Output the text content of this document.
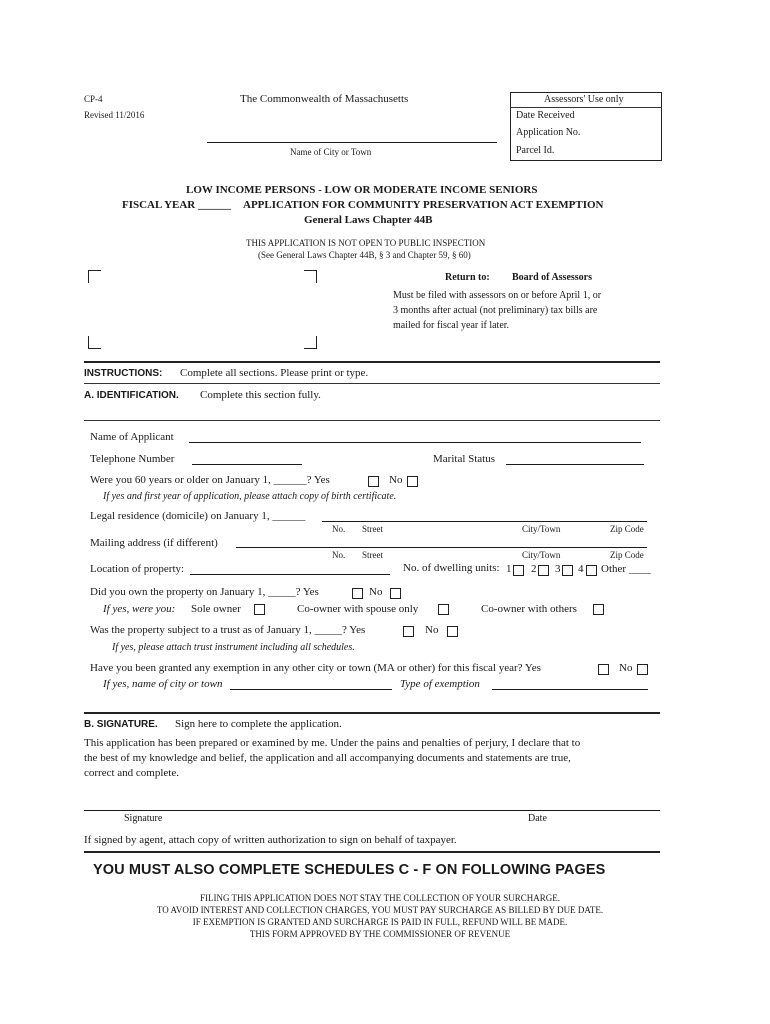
CP-4
Revised 11/2016
The Commonwealth of Massachusetts
Name of City or Town
Assessors' Use only
Date Received
Application No.
Parcel Id.
LOW INCOME PERSONS - LOW OR MODERATE INCOME SENIORS
FISCAL YEAR ______ APPLICATION FOR COMMUNITY PRESERVATION ACT EXEMPTION
General Laws Chapter 44B
THIS APPLICATION IS NOT OPEN TO PUBLIC INSPECTION
(See General Laws Chapter 44B, § 3 and Chapter 59, § 60)
Return to: Board of Assessors
Must be filed with assessors on or before April 1, or
3 months after actual (not preliminary) tax bills are
mailed for fiscal year if later.
INSTRUCTIONS: Complete all sections. Please print or type.
A. IDENTIFICATION. Complete this section fully.
Name of Applicant
Telephone Number	Marital Status
Were you 60 years or older on January 1, ______? Yes	No
If yes and first year of application, please attach copy of birth certificate.
Legal residence (domicile) on January 1, ______
No. Street	City/Town	Zip Code
Mailing address (if different)
No. Street	City/Town	Zip Code
Location of property:	No. of dwelling units: 1 2 3 4 Other ____
Did you own the property on January 1, _____? Yes	No
If yes, were you: Sole owner	Co-owner with spouse only	Co-owner with others
Was the property subject to a trust as of January 1, _____? Yes	No
If yes, please attach trust instrument including all schedules.
Have you been granted any exemption in any other city or town (MA or other) for this fiscal year? Yes	No
If yes, name of city or town	Type of exemption
B. SIGNATURE. Sign here to complete the application.
This application has been prepared or examined by me. Under the pains and penalties of perjury, I declare that to
the best of my knowledge and belief, the application and all accompanying documents and statements are true,
correct and complete.
Signature	Date
If signed by agent, attach copy of written authorization to sign on behalf of taxpayer.
YOU MUST ALSO COMPLETE SCHEDULES C - F ON FOLLOWING PAGES
FILING THIS APPLICATION DOES NOT STAY THE COLLECTION OF YOUR SURCHARGE.
TO AVOID INTEREST AND COLLECTION CHARGES, YOU MUST PAY SURCHARGE AS BILLED BY DUE DATE.
IF EXEMPTION IS GRANTED AND SURCHARGE IS PAID IN FULL, REFUND WILL BE MADE.
THIS FORM APPROVED BY THE COMMISSIONER OF REVENUE
